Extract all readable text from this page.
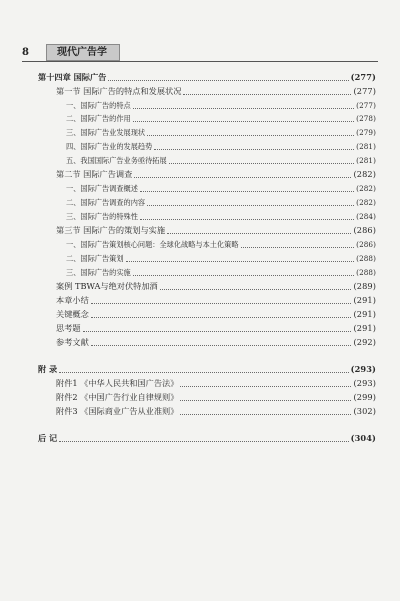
8	现代广告学
第十四章 国际广告	(277)
第一节 国际广告的特点和发展状况	(277)
一、国际广告的特点	(277)
二、国际广告的作用	(278)
三、国际广告业发展现状	(279)
四、国际广告业的发展趋势	(281)
五、我国国际广告业务亟待拓展	(281)
第二节 国际广告调查	(282)
一、国际广告调查概述	(282)
二、国际广告调查的内容	(282)
三、国际广告的特殊性	(284)
第三节 国际广告的策划与实施	(286)
一、国际广告策划核心问题：全球化战略与本土化策略	(286)
二、国际广告策划	(288)
三、国际广告的实施	(288)
案例 TBWA与绝对伏特加酒	(289)
本章小结	(291)
关键概念	(291)
思考题	(291)
参考文献	(292)
附 录	(293)
附件1 《中华人民共和国广告法》	(293)
附件2 《中国广告行业自律规则》	(299)
附件3 《国际商业广告从业准则》	(302)
后 记	(304)
